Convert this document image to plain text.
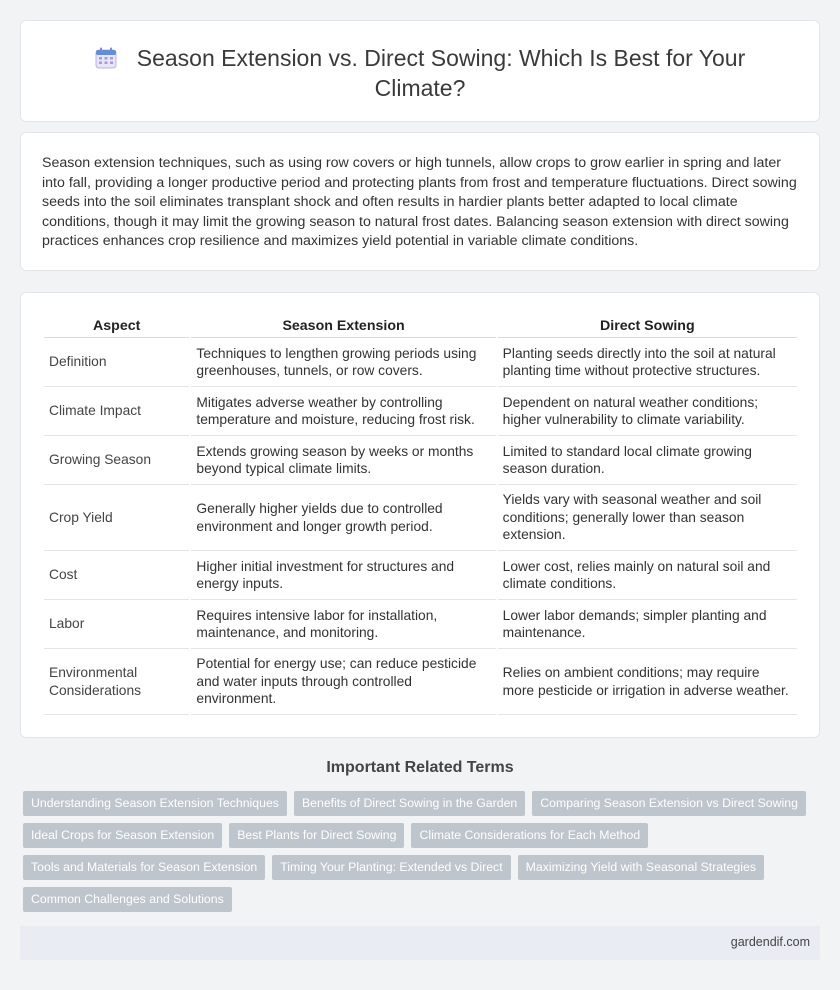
Season Extension vs. Direct Sowing: Which Is Best for Your Climate?

Season extension techniques, such as using row covers or high tunnels, allow crops to grow earlier in spring and later into fall, providing a longer productive period and protecting plants from frost and temperature fluctuations. Direct sowing seeds into the soil eliminates transplant shock and often results in hardier plants better adapted to local climate conditions, though it may limit the growing season to natural frost dates. Balancing season extension with direct sowing practices enhances crop resilience and maximizes yield potential in variable climate conditions.

Aspect	Season Extension	Direct Sowing
Definition	Techniques to lengthen growing periods using greenhouses, tunnels, or row covers.	Planting seeds directly into the soil at natural planting time without protective structures.
Climate Impact	Mitigates adverse weather by controlling temperature and moisture, reducing frost risk.	Dependent on natural weather conditions; higher vulnerability to climate variability.
Growing Season	Extends growing season by weeks or months beyond typical climate limits.	Limited to standard local climate growing season duration.
Crop Yield	Generally higher yields due to controlled environment and longer growth period.	Yields vary with seasonal weather and soil conditions; generally lower than season extension.
Cost	Higher initial investment for structures and energy inputs.	Lower cost, relies mainly on natural soil and climate conditions.
Labor	Requires intensive labor for installation, maintenance, and monitoring.	Lower labor demands; simpler planting and maintenance.
Environmental Considerations	Potential for energy use; can reduce pesticide and water inputs through controlled environment.	Relies on ambient conditions; may require more pesticide or irrigation in adverse weather.
Important Related Terms
Understanding Season Extension Techniques Benefits of Direct Sowing in the Garden Comparing Season Extension vs Direct Sowing
Ideal Crops for Season Extension Best Plants for Direct Sowing Climate Considerations for Each Method
Tools and Materials for Season Extension Timing Your Planting: Extended vs Direct Maximizing Yield with Seasonal Strategies
Common Challenges and Solutions
gardendif.com
